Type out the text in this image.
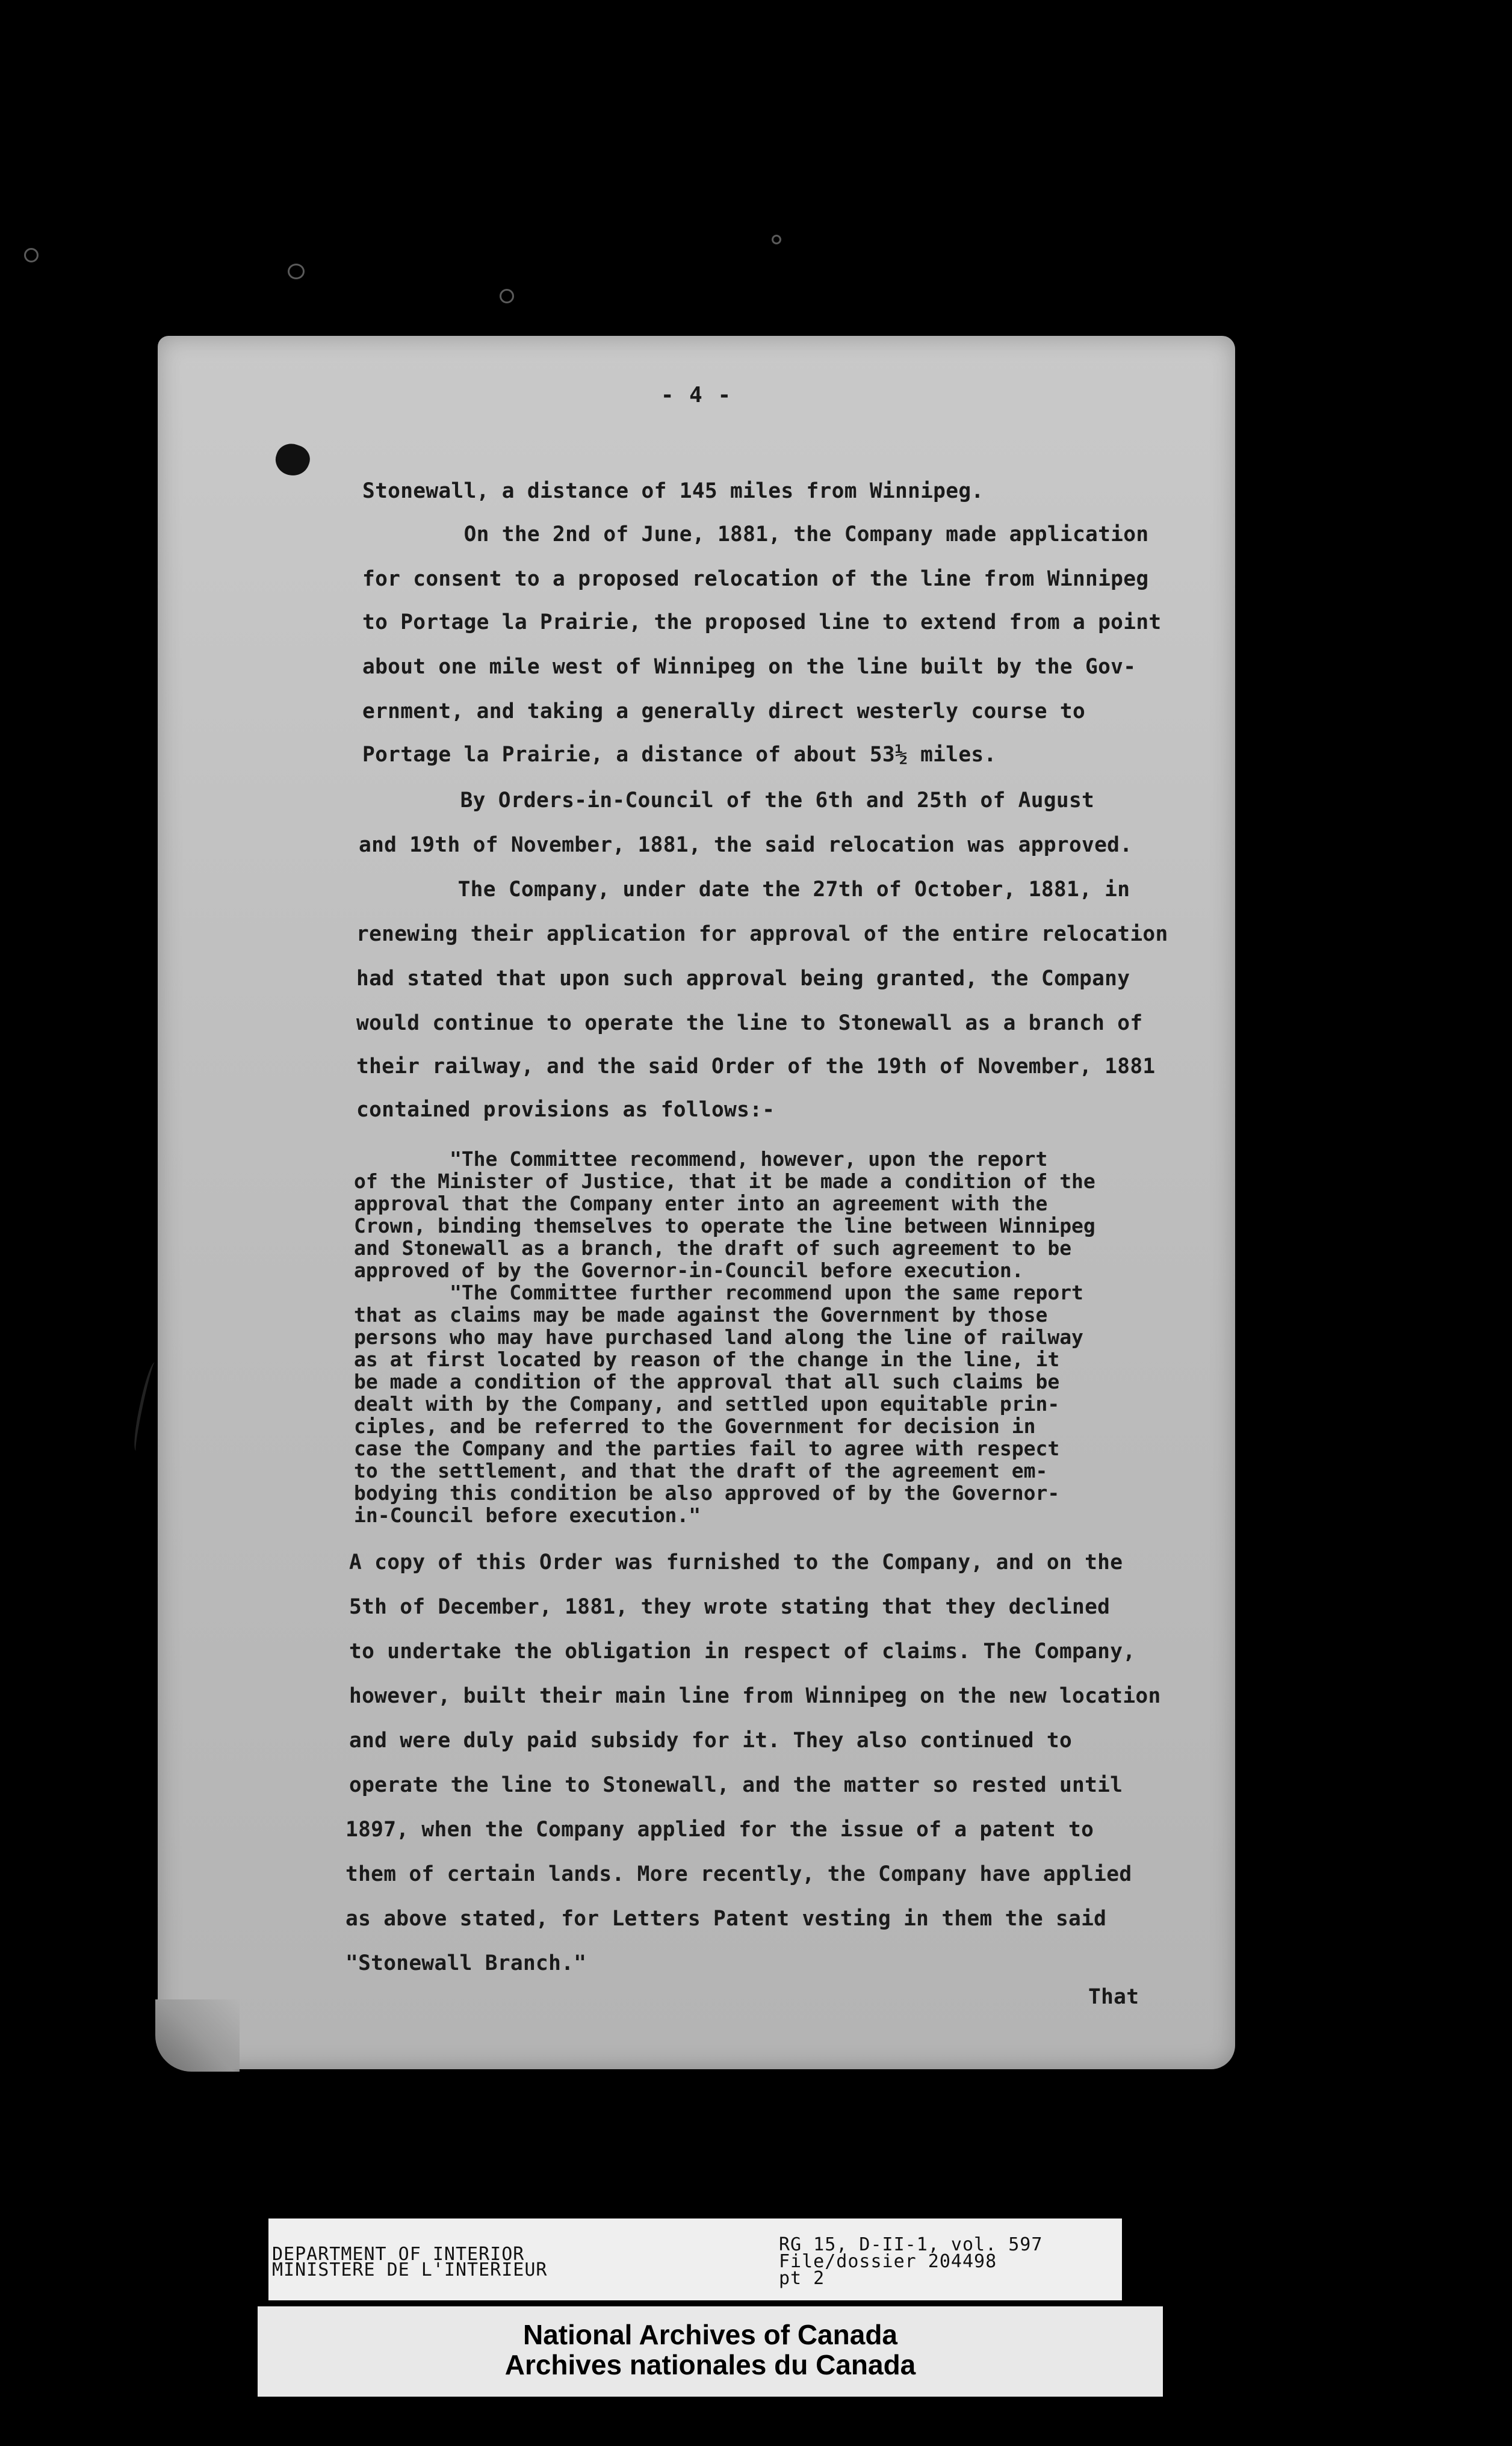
- 4 -
Stonewall, a distance of 145 miles from Winnipeg.
On the 2nd of June, 1881, the Company made application
for consent to a proposed relocation of the line from Winnipeg
to Portage la Prairie, the proposed line to extend from a point
about one mile west of Winnipeg on the line built by the Gov-
ernment, and taking a generally direct westerly course to
Portage la Prairie, a distance of about 53½ miles.
By Orders-in-Council of the 6th and 25th of August
and 19th of November, 1881, the said relocation was approved.
The Company, under date the 27th of October, 1881, in
renewing their application for approval of the entire relocation
had stated that upon such approval being granted, the Company
would continue to operate the line to Stonewall as a branch of
their railway, and the said Order of the 19th of November, 1881
contained provisions as follows:-
"The Committee recommend, however, upon the report
of the Minister of Justice, that it be made a condition of the
approval that the Company enter into an agreement with the
Crown, binding themselves to operate the line between Winnipeg
and Stonewall as a branch, the draft of such agreement to be
approved of by the Governor-in-Council before execution.
"The Committee further recommend upon the same report
that as claims may be made against the Government by those
persons who may have purchased land along the line of railway
as at first located by reason of the change in the line, it
be made a condition of the approval that all such claims be
dealt with by the Company, and settled upon equitable prin-
ciples, and be referred to the Government for decision in
case the Company and the parties fail to agree with respect
to the settlement, and that the draft of the agreement em-
bodying this condition be also approved of by the Governor-
in-Council before execution."
A copy of this Order was furnished to the Company, and on the
5th of December, 1881, they wrote stating that they declined
to undertake the obligation in respect of claims. The Company,
however, built their main line from Winnipeg on the new location
and were duly paid subsidy for it. They also continued to
operate the line to Stonewall, and the matter so rested until
1897, when the Company applied for the issue of a patent to
them of certain lands. More recently, the Company have applied
as above stated, for Letters Patent vesting in them the said
"Stonewall Branch."
That
DEPARTMENT OF INTERIOR
MINISTERE DE L'INTERIEUR
RG 15, D-II-1, vol. 597
File/dossier 204498
pt 2
National Archives of Canada
Archives nationales du Canada
